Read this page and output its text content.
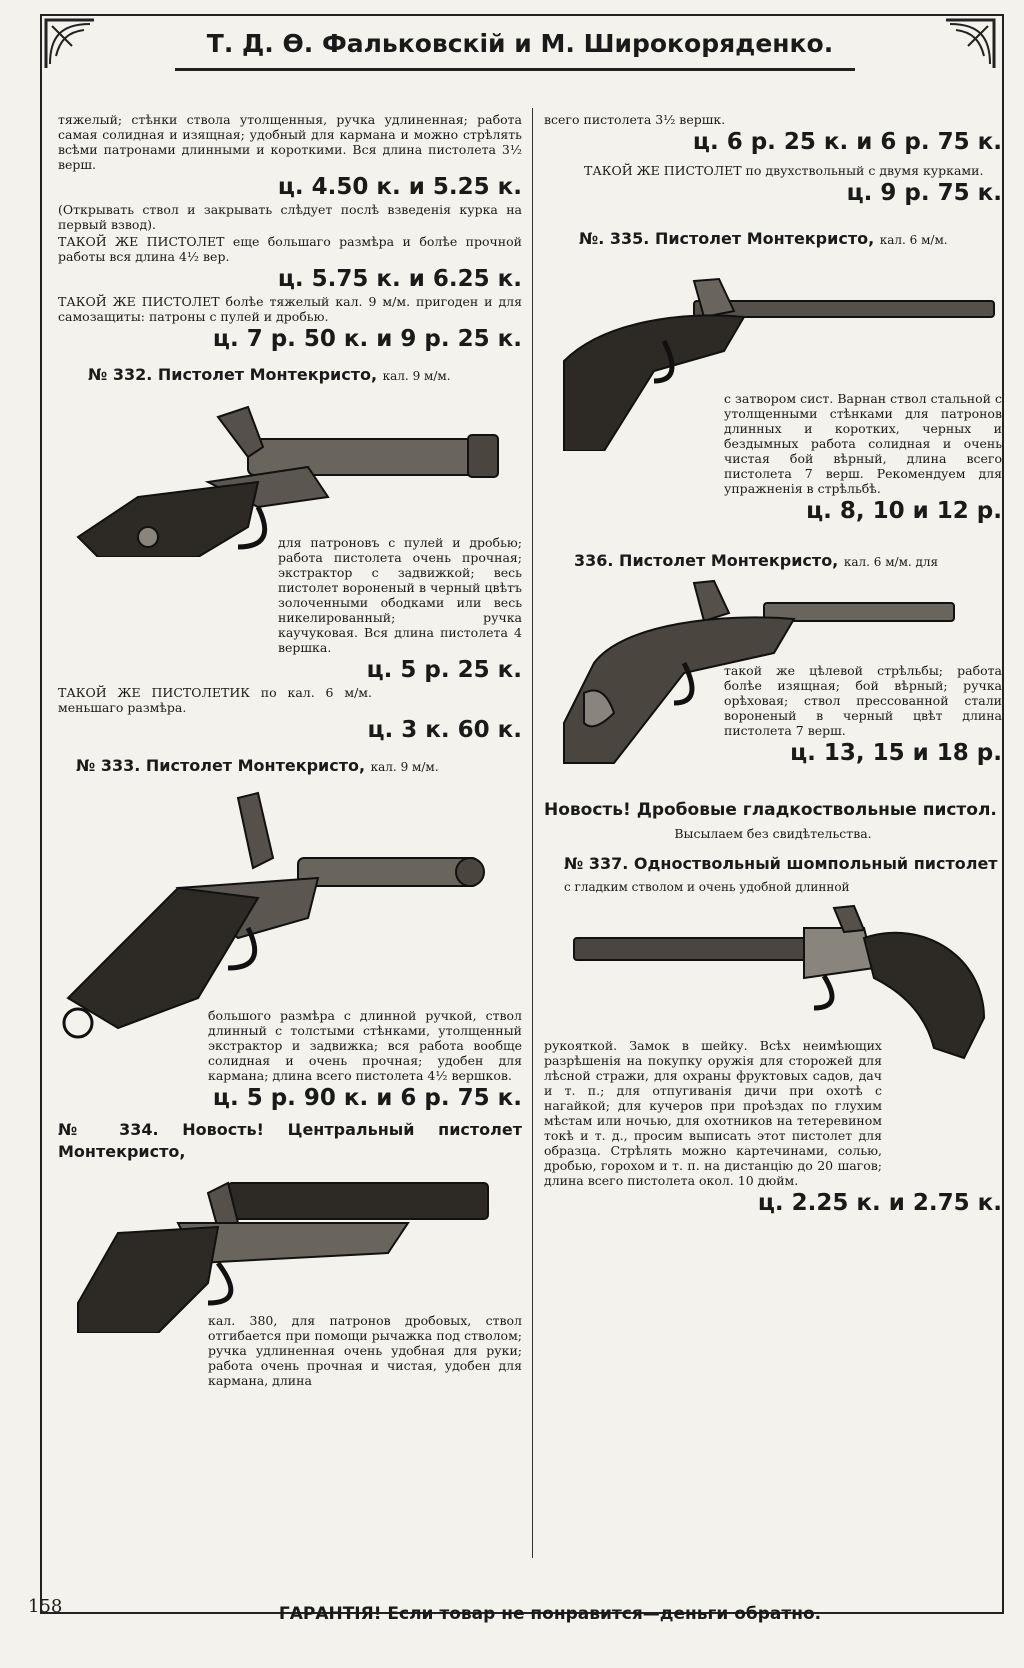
Т. Д. Ѳ. Фальковскій и М. Широкоряденко.

тяжелый; стѣнки ствола утолщенныя, ручка удлиненная; работа самая солидная и изящная; удобный для кармана и можно стрѣлять всѣми патронами длинными и короткими. Вся длина пистолета 3½ верш.

ц. 4.50 к. и 5.25 к.

(Открывать ствол и закрывать слѣдует послѣ взведенія курка на первый взвод).

ТАКОЙ ЖЕ ПИСТОЛЕТ еще большаго размѣра и болѣе прочной работы вся длина 4½ вер.

ц. 5.75 к. и 6.25 к.

ТАКОЙ ЖЕ ПИСТОЛЕТ болѣе тяжелый кал. 9 м/м. пригоден и для самозащиты: патроны с пулей и дробью.

ц. 7 р. 50 к. и 9 р. 25 к.

№ 332. Пистолет Монтекристо, кал. 9 м/м.

для патроновъ с пулей и дробью; работа пистолета очень прочная; экстрактор с задвижкой; весь пистолет вороненый в черный цвѣтъ золоченными ободками или весь никелированный; ручка каучуковая. Вся длина пистолета 4 вершка.

ц. 5 р. 25 к.

ТАКОЙ ЖЕ ПИСТОЛЕТИК по кал. 6 м/м. меньшаго размѣра.

ц. 3 к. 60 к.

№ 333. Пистолет Монтекристо, кал. 9 м/м.

большого размѣра с длинной ручкой, ствол длинный с толстыми стѣнками, утолщенный экстрактор и задвижка; вся работа вообще солидная и очень прочная; удобен для кармана; длина всего пистолета 4½ вершков.

ц. 5 р. 90 к. и 6 р. 75 к.

№ 334. Новость! Центральный пистолет Монтекристо,

кал. 380, для патронов дробовых, ствол отгибается при помощи рычажка под стволом; ручка удлиненная очень удобная для руки; работа очень прочная и чистая, удобен для кармана, длина

всего пистолета 3½ вершк.

ц. 6 р. 25 к. и 6 р. 75 к.

ТАКОЙ ЖЕ ПИСТОЛЕТ по двухствольный с двумя курками.

ц. 9 р. 75 к.

№. 335. Пистолет Монтекристо, кал. 6 м/м.

с затвором сист. Варнан ствол стальной с утолщенными стѣнками для патронов длинных и коротких, черных и бездымных работа солидная и очень чистая бой вѣрный, длина всего пистолета 7 верш. Рекомендуем для упражненія в стрѣльбѣ.

ц. 8, 10 и 12 р.

336. Пистолет Монтекристо, кал. 6 м/м. для

такой же цѣлевой стрѣльбы; работа болѣе изящная; бой вѣрный; ручка орѣховая; ствол прессованной стали вороненый в черный цвѣт длина пистолета 7 верш.

ц. 13, 15 и 18 р.

Новость! Дробовые гладкоствольные пистол.

Высылаем без свидѣтельства.

№ 337. Одноствольный шомпольный пистолет с гладким стволом и очень удобной длинной

рукояткой. Замок в шейку. Всѣх неимѣющих разрѣшенія на покупку оружія для сторожей для лѣсной стражи, для охраны фруктовых садов, дач и т. п.; для отпугиванія дичи при охотѣ с нагайкой; для кучеров при проѣздах по глухим мѣстам или ночью, для охотников на тетеревином токѣ и т. д., просим выписать этот пистолет для образца. Стрѣлять можно картечинами, солью, дробью, горохом и т. п. на дистанцію до 20 шагов; длина всего пистолета окол. 10 дюйм.

ц. 2.25 к. и 2.75 к.

158	ГАРАНТІЯ! Если товар не понравится—деньги обратно.
